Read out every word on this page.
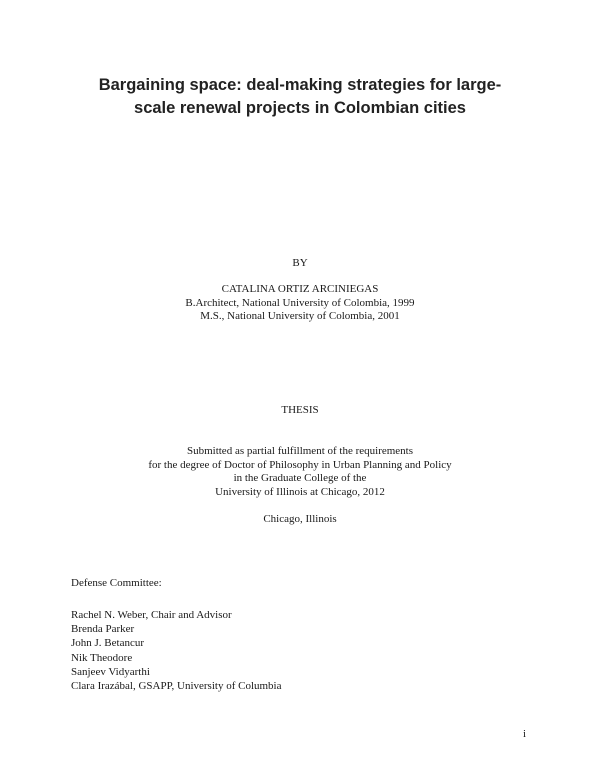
Bargaining space: deal-making strategies for large-
scale renewal projects in Colombian cities
BY
CATALINA ORTIZ ARCINIEGAS
B.Architect, National University of Colombia, 1999
M.S., National University of Colombia, 2001
THESIS
Submitted as partial fulfillment of the requirements
for the degree of Doctor of Philosophy in Urban Planning and Policy
in the Graduate College of the
University of Illinois at Chicago, 2012
Chicago, Illinois
Defense Committee:
Rachel N. Weber, Chair and Advisor
Brenda Parker
John J. Betancur
Nik Theodore
Sanjeev Vidyarthi
Clara Irazábal, GSAPP, University of Columbia
i
